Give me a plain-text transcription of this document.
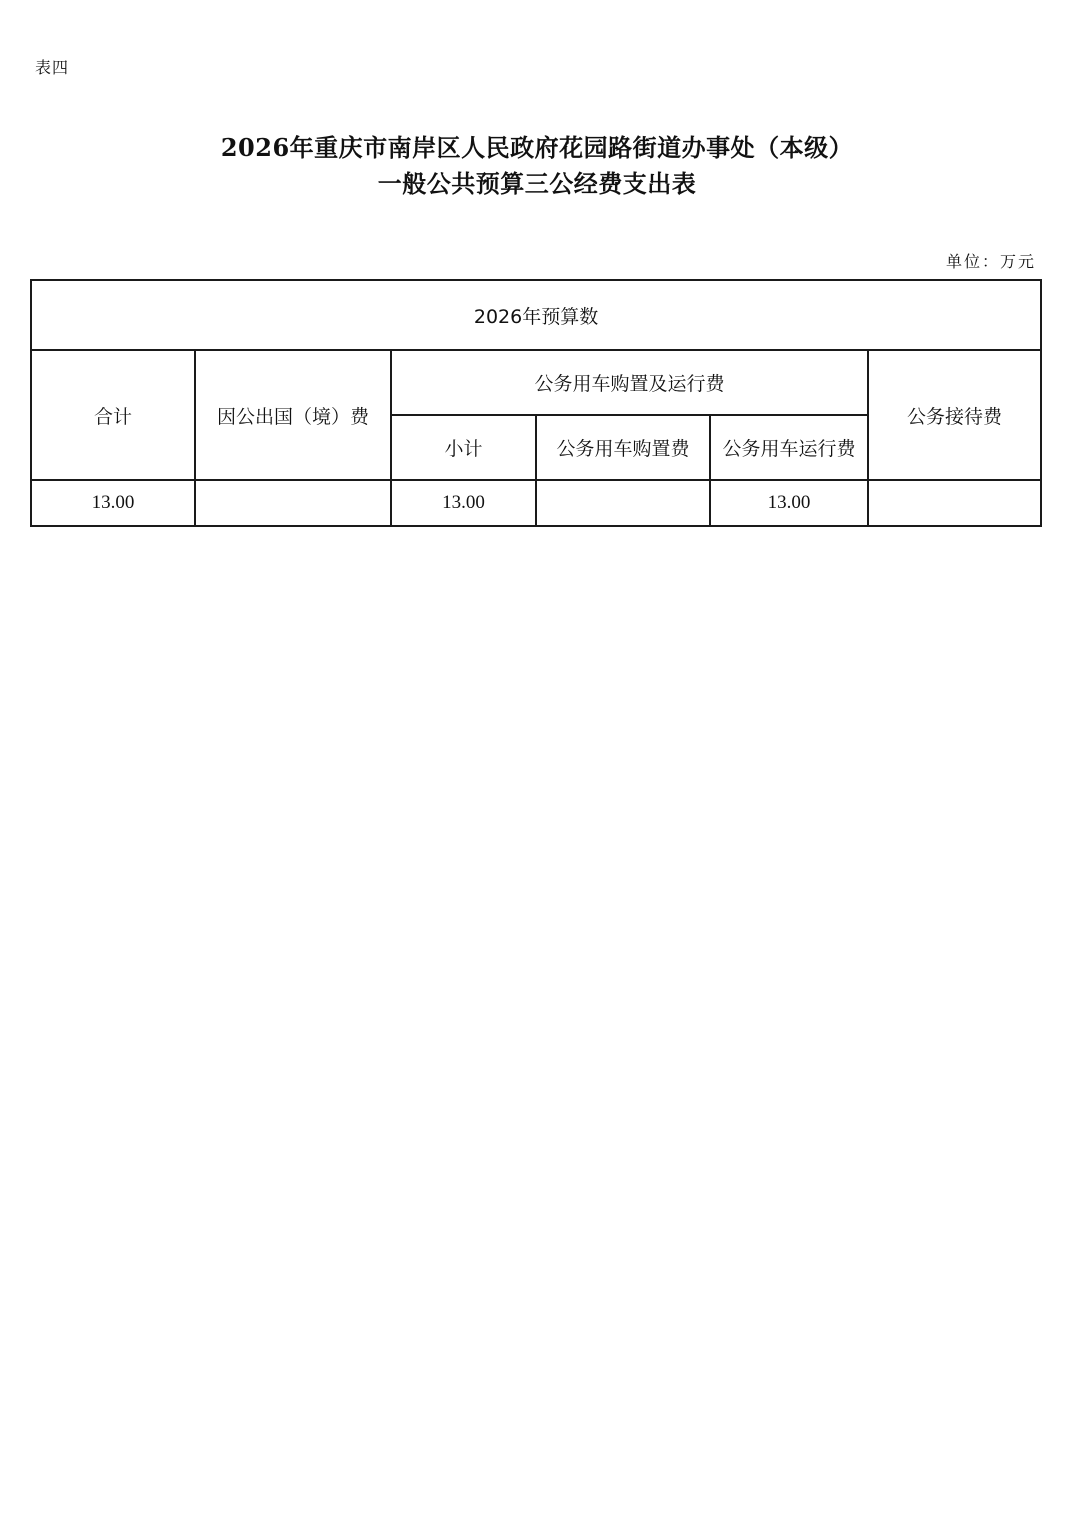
表四
2026年重庆市南岸区人民政府花园路街道办事处（本级）
一般公共预算三公经费支出表
单位：万元
2026年预算数					
合计	因公出国（境）费	公务用车购置及运行费			公务接待费
		小计	公务用车购置费	公务用车运行费	
13.00		13.00		13.00	
